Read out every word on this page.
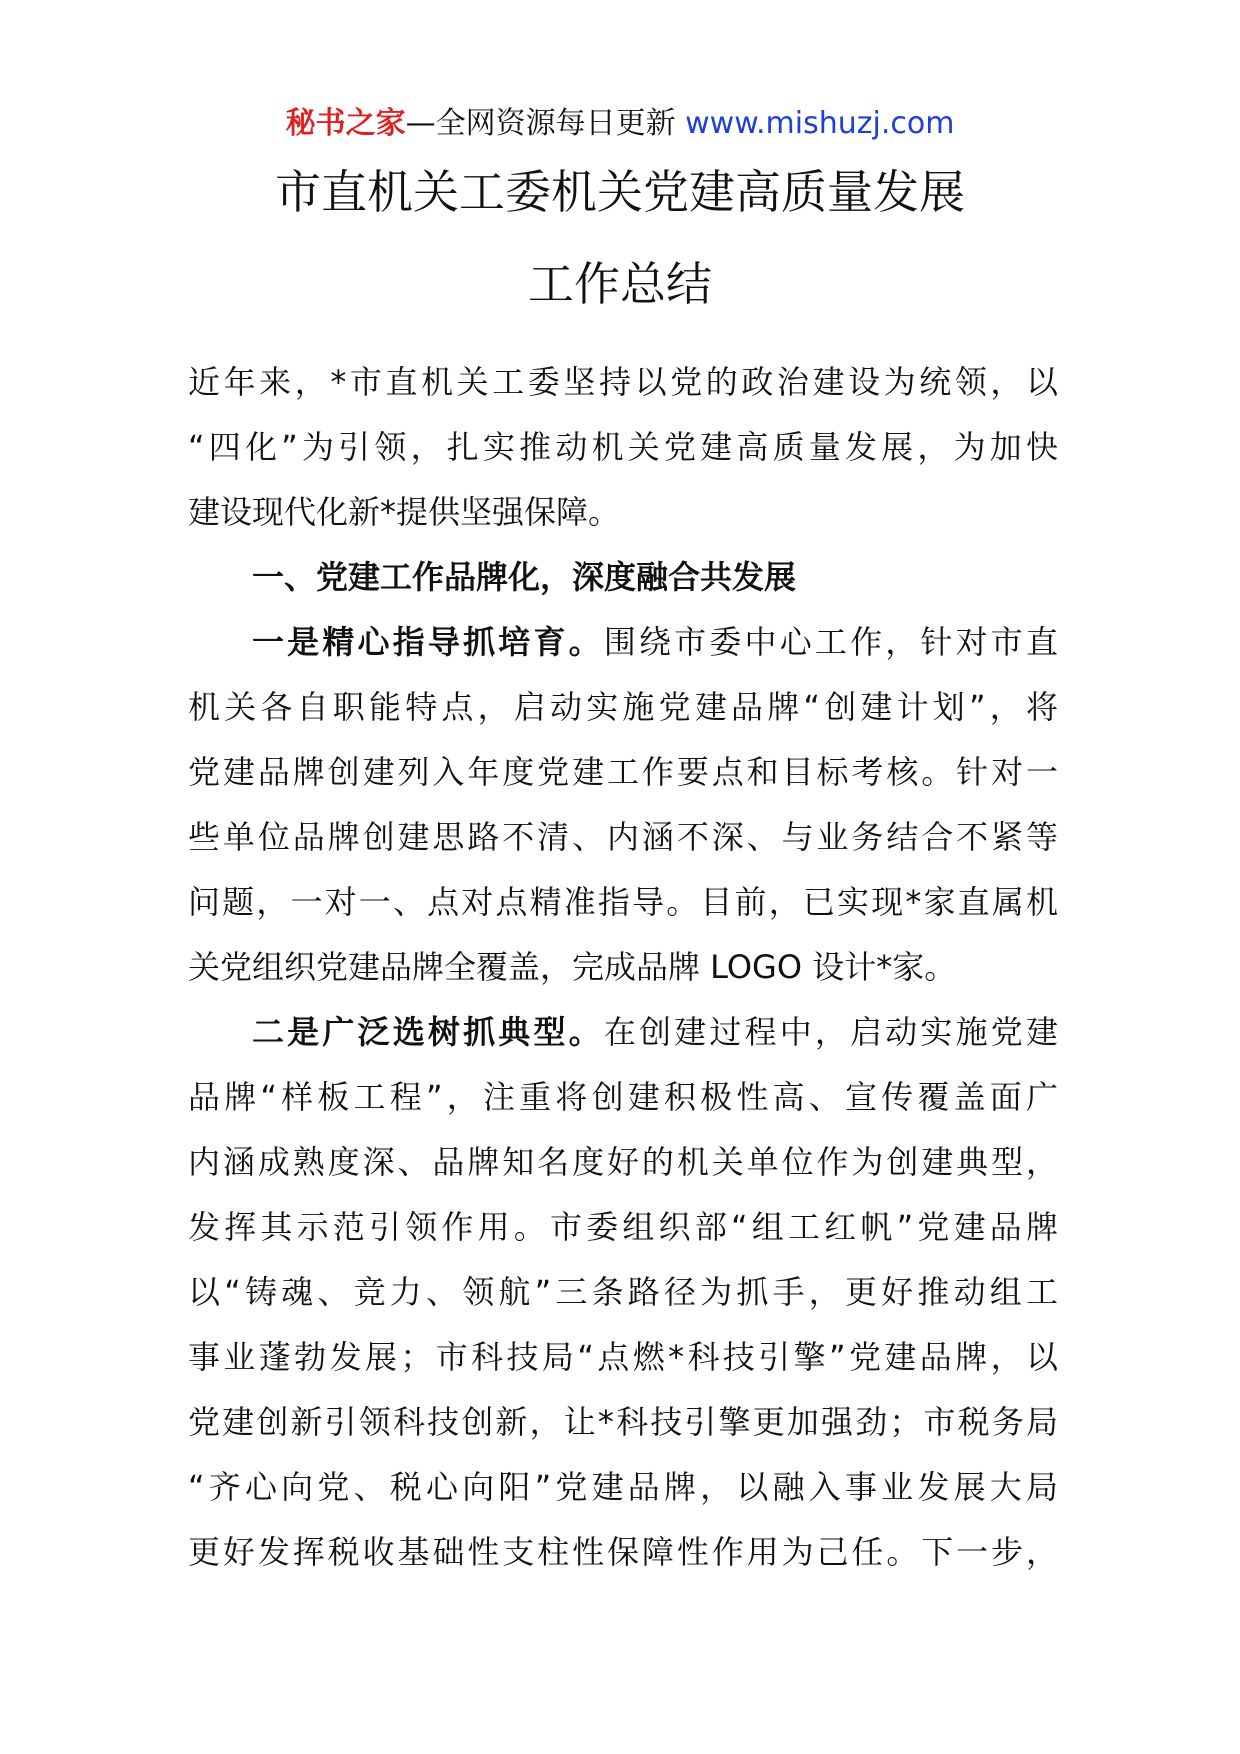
秘书之家—全网资源每日更新 www.mishuzj.com
市直机关工委机关党建高质量发展
工作总结
近年来，*市直机关工委坚持以党的政治建设为统领，以
“四化”为引领，扎实推动机关党建高质量发展，为加快
建设现代化新*提供坚强保障。
一、党建工作品牌化，深度融合共发展
一是精心指导抓培育。围绕市委中心工作，针对市直
机关各自职能特点，启动实施党建品牌“创建计划”，将
党建品牌创建列入年度党建工作要点和目标考核。针对一
些单位品牌创建思路不清、内涵不深、与业务结合不紧等
问题，一对一、点对点精准指导。目前，已实现*家直属机
关党组织党建品牌全覆盖，完成品牌 LOGO 设计*家。
二是广泛选树抓典型。在创建过程中，启动实施党建
品牌“样板工程”，注重将创建积极性高、宣传覆盖面广
内涵成熟度深、品牌知名度好的机关单位作为创建典型，
发挥其示范引领作用。市委组织部“组工红帆”党建品牌
以“铸魂、竞力、领航”三条路径为抓手，更好推动组工
事业蓬勃发展；市科技局“点燃*科技引擎”党建品牌，以
党建创新引领科技创新，让*科技引擎更加强劲；市税务局
“齐心向党、税心向阳”党建品牌，以融入事业发展大局
更好发挥税收基础性支柱性保障性作用为己任。下一步，
